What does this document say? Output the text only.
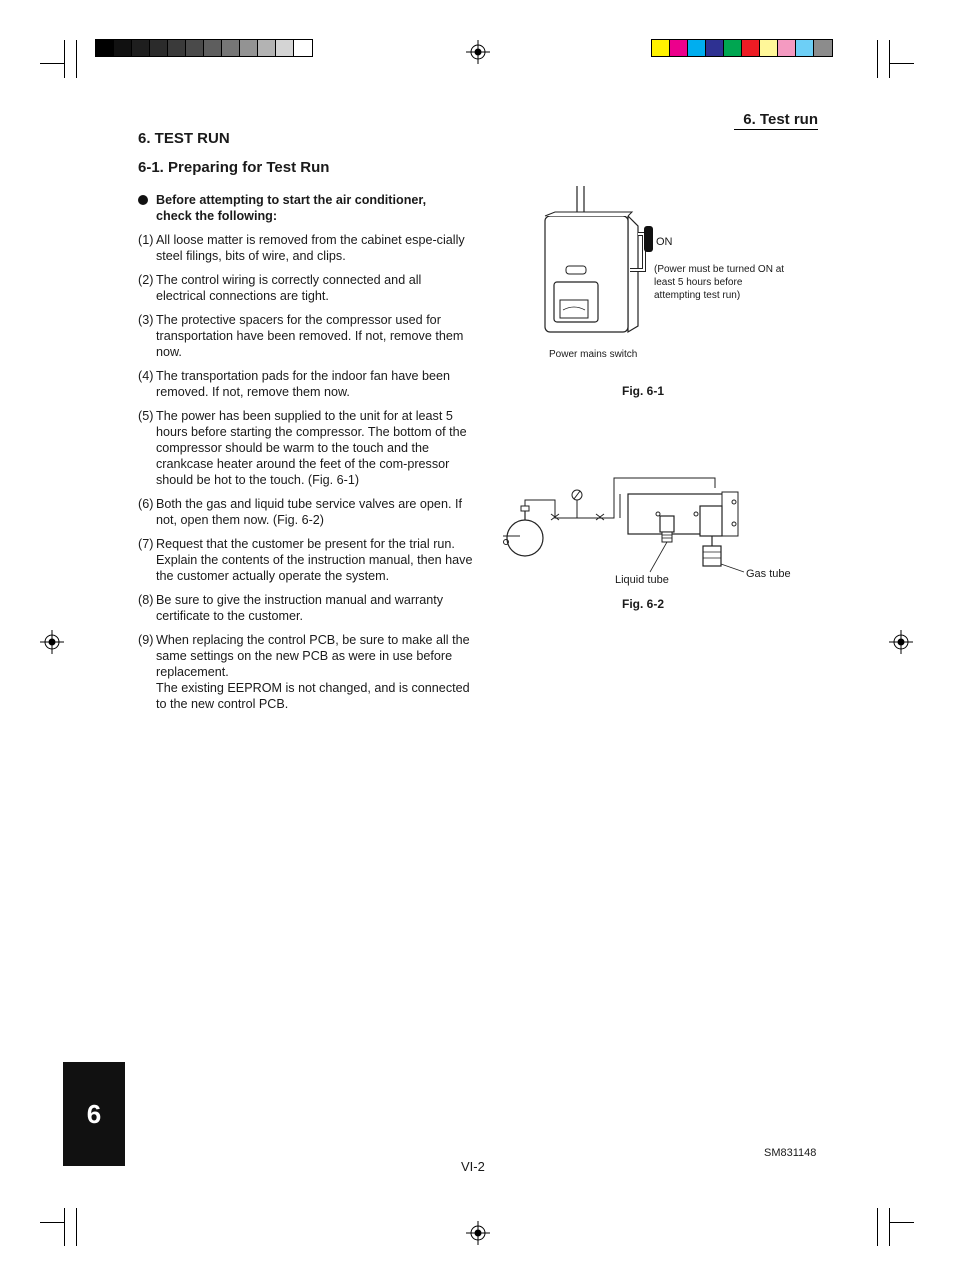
6. Test run
6. TEST RUN
6-1. Preparing for Test Run
Before attempting to start the air conditioner, check the following:
(1) All loose matter is removed from the cabinet espe-cially steel filings, bits of wire, and clips.

(2) The control wiring is correctly connected and all electrical connections are tight.

(3) The protective spacers for the compressor used for transportation have been removed. If not, remove them now.

(4) The transportation pads for the indoor fan have been removed. If not, remove them now.

(5) The power has been supplied to the unit for at least 5 hours before starting the compressor. The bottom of the compressor should be warm to the touch and the crankcase heater around the feet of the com-pressor should be hot to the touch. (Fig. 6-1)

(6) Both the gas and liquid tube service valves are open. If not, open them now. (Fig. 6-2)

(7) Request that the customer be present for the trial run.

Explain the contents of the instruction manual, then have the customer actually operate the system.

(8) Be sure to give the instruction manual and warranty certificate to the customer.

(9) When replacing the control PCB, be sure to make all the same settings on the new PCB as were in use before replacement.

The existing EEPROM is not changed, and is connected to the new control PCB.

ON
(Power must be turned ON at least 5 hours before attempting test run)
Power mains switch
Fig. 6-1
Liquid tube	Gas tube
Fig. 6-2
6
SM831148
VI-2
